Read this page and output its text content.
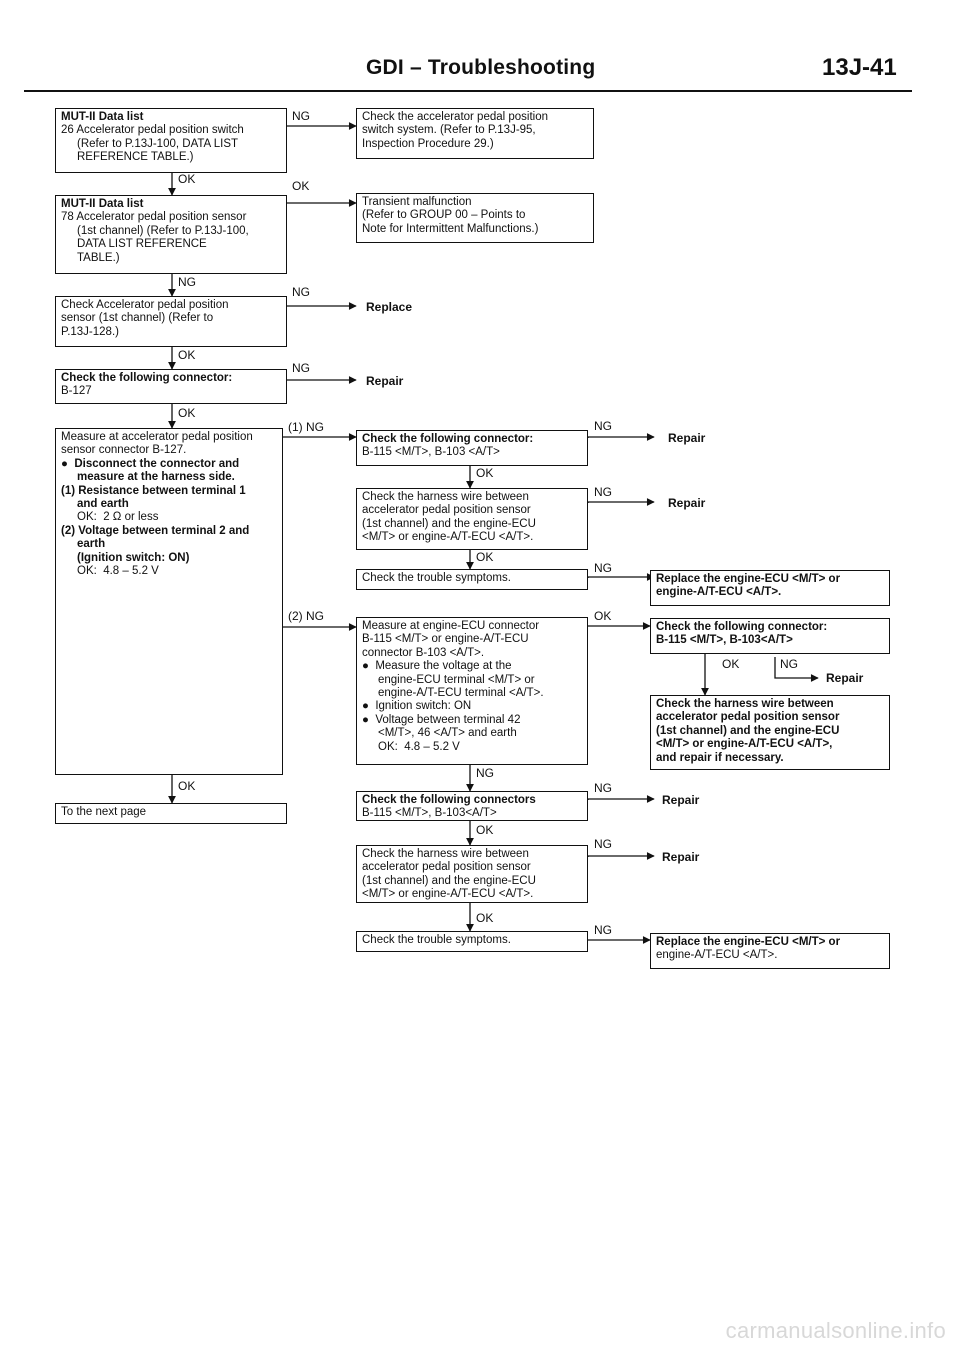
GDI – Troubleshooting	13J-41
MUT-II Data list
26 Accelerator pedal position switch
(Refer to P.13J-100, DATA LIST
REFERENCE TABLE.)
MUT-II Data list
78 Accelerator pedal position sensor
(1st channel) (Refer to P.13J-100,
DATA LIST REFERENCE
TABLE.)
Check Accelerator pedal position
sensor (1st channel) (Refer to
P.13J-128.)
Check the following connector:
B-127
Measure at accelerator pedal position
sensor connector B-127.
●  Disconnect the connector and
measure at the harness side.
(1) Resistance between terminal 1
and earth
OK:  2 Ω or less
(2) Voltage between terminal 2 and
earth
(Ignition switch: ON)
OK:  4.8 – 5.2 V
To the next page
Check the accelerator pedal position
switch system. (Refer to P.13J-95,
Inspection Procedure 29.)
Transient malfunction
(Refer to GROUP 00 – Points to
Note for Intermittent Malfunctions.)
Check the following connector:
B-115 <M/T>, B-103 <A/T>
Check the harness wire between
accelerator pedal position sensor
(1st channel) and the engine-ECU
<M/T> or engine-A/T-ECU <A/T>.
Check the trouble symptoms.
Measure at engine-ECU connector
B-115 <M/T> or engine-A/T-ECU
connector B-103 <A/T>.
●  Measure the voltage at the
engine-ECU terminal <M/T> or
engine-A/T-ECU terminal <A/T>.
●  Ignition switch: ON
●  Voltage between terminal 42
<M/T>, 46 <A/T> and earth
OK:  4.8 – 5.2 V
Check the following connectors
B-115 <M/T>, B-103<A/T>
Check the harness wire between
accelerator pedal position sensor
(1st channel) and the engine-ECU
<M/T> or engine-A/T-ECU <A/T>.
Check the trouble symptoms.
Replace the engine-ECU <M/T> or
engine-A/T-ECU <A/T>.
Check the following connector:
B-115 <M/T>, B-103<A/T>
Check the harness wire between
accelerator pedal position sensor
(1st channel) and the engine-ECU
<M/T> or engine-A/T-ECU <A/T>,
and repair if necessary.
Replace the engine-ECU <M/T> or
engine-A/T-ECU <A/T>.
OK
NG
OK
OK
OK
NG
OK
NG
NG
(1) NG
(2) NG
Replace
Repair
OK
OK
NG
OK
OK
NG
NG
NG
OK
NG
NG
NG
Repair
Repair
Repair
Repair
OK	NG
Repair
carmanualsonline.info
